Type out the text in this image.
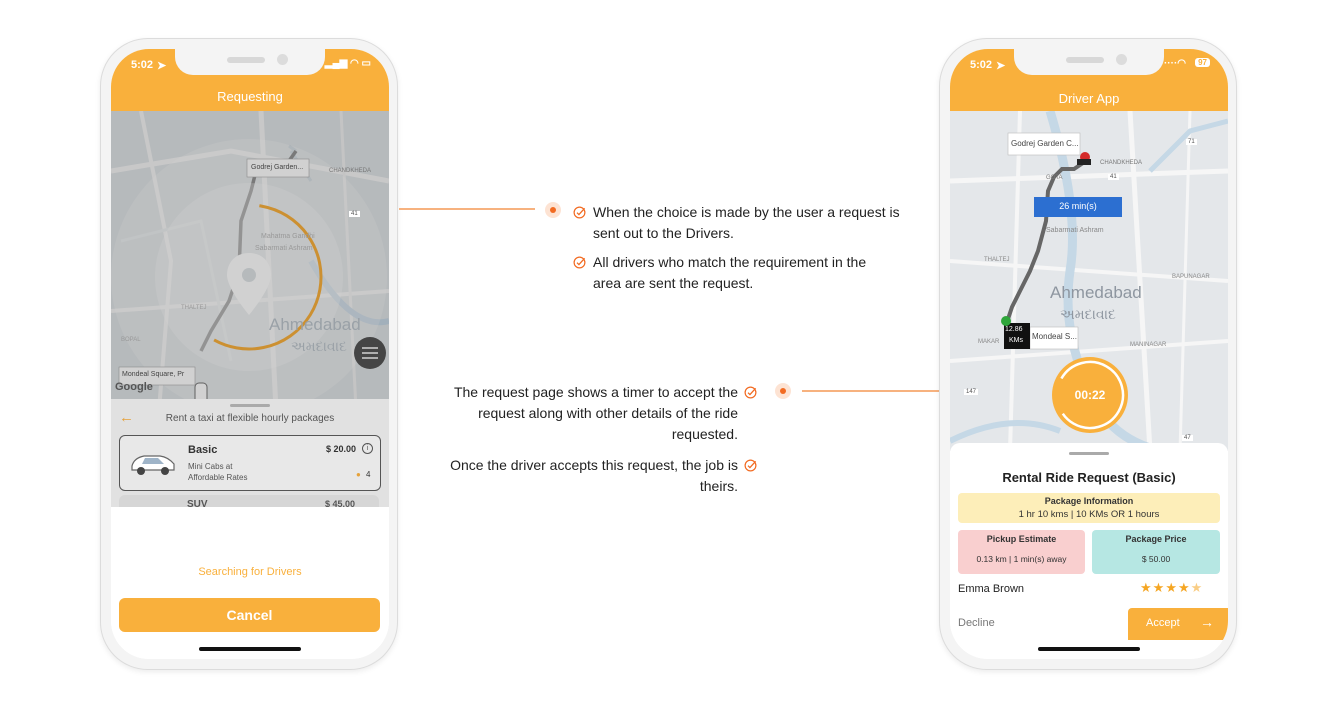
Requesting
5:02 ➤	▂▄▆ ◠ ▭
Godrej Garden...
Mondeal Square, Pr
CHANDKHEDA
Mahatma Gandhi
Sabarmati Ashram
THALTEJ
BOPAL
41
Ahmedabad
અમદાવાદ
Google
←	Rent a taxi at flexible hourly packages
Basic
Mini Cabs at
Affordable Rates
$ 20.00	i
● 4
SUV	$ 45.00
Searching for Drivers
Cancel
When the choice is made by the user a request is
sent out to the Drivers.
All drivers who match the requirement in the
area are sent the request.
The request page shows a timer to accept the
request along with other details of the ride
requested.
Once the driver accepts this request, the job is
theirs.
Driver App
5:02 ➤	····◠	97
Godrej Garden C...
Mondeal S...
26 min(s)
12.86
KMs
CHANDKHEDA
GOTA
Sabarmati Ashram
THALTEJ
BAPUNAGAR
MANINAGAR
MAKAR
71
41
147
47
Ahmedabad
અમદાવાદ
00:22
Rental Ride Request (Basic)
Package Information
1 hr 10 kms | 10 KMs OR 1 hours
Pickup Estimate
0.13 km | 1 min(s) away
Package Price
$ 50.00
Emma Brown	★★★★★
Decline	Accept →
